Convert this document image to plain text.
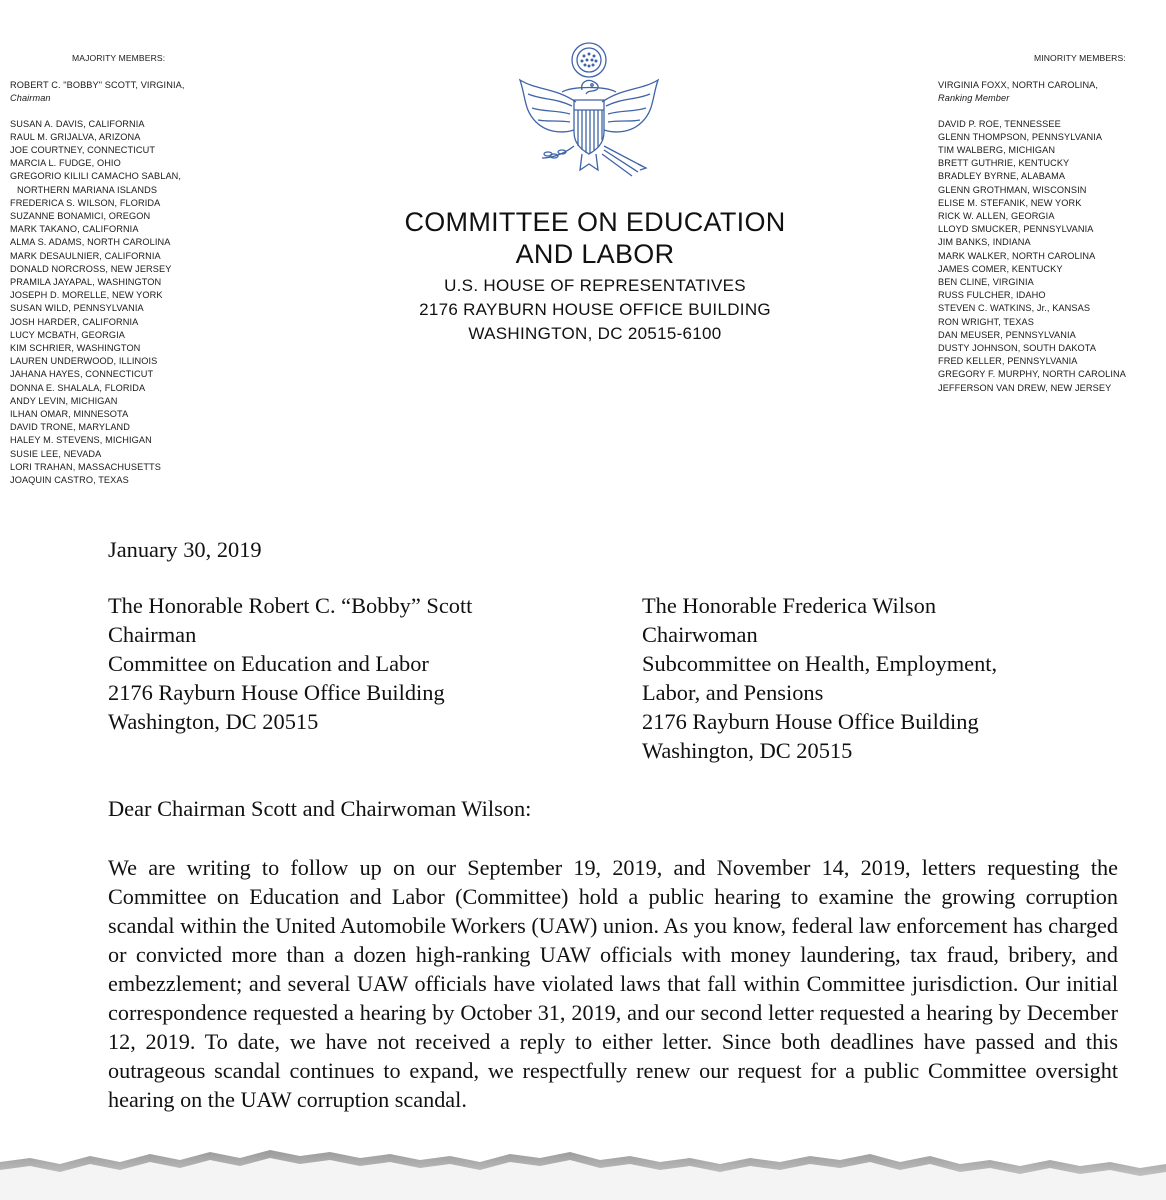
MAJORITY MEMBERS:
ROBERT C. "BOBBY" SCOTT, VIRGINIA,
Chairman
SUSAN A. DAVIS, CALIFORNIA
RAUL M. GRIJALVA, ARIZONA
JOE COURTNEY, CONNECTICUT
MARCIA L. FUDGE, OHIO
GREGORIO KILILI CAMACHO SABLAN,
NORTHERN MARIANA ISLANDS
FREDERICA S. WILSON, FLORIDA
SUZANNE BONAMICI, OREGON
MARK TAKANO, CALIFORNIA
ALMA S. ADAMS, NORTH CAROLINA
MARK DESAULNIER, CALIFORNIA
DONALD NORCROSS, NEW JERSEY
PRAMILA JAYAPAL, WASHINGTON
JOSEPH D. MORELLE, NEW YORK
SUSAN WILD, PENNSYLVANIA
JOSH HARDER, CALIFORNIA
LUCY MCBATH, GEORGIA
KIM SCHRIER, WASHINGTON
LAUREN UNDERWOOD, ILLINOIS
JAHANA HAYES, CONNECTICUT
DONNA E. SHALALA, FLORIDA
ANDY LEVIN, MICHIGAN
ILHAN OMAR, MINNESOTA
DAVID TRONE, MARYLAND
HALEY M. STEVENS, MICHIGAN
SUSIE LEE, NEVADA
LORI TRAHAN, MASSACHUSETTS
JOAQUIN CASTRO, TEXAS
MINORITY MEMBERS:
VIRGINIA FOXX, NORTH CAROLINA,
Ranking Member
DAVID P. ROE, TENNESSEE
GLENN THOMPSON, PENNSYLVANIA
TIM WALBERG, MICHIGAN
BRETT GUTHRIE, KENTUCKY
BRADLEY BYRNE, ALABAMA
GLENN GROTHMAN, WISCONSIN
ELISE M. STEFANIK, NEW YORK
RICK W. ALLEN, GEORGIA
LLOYD SMUCKER, PENNSYLVANIA
JIM BANKS, INDIANA
MARK WALKER, NORTH CAROLINA
JAMES COMER, KENTUCKY
BEN CLINE, VIRGINIA
RUSS FULCHER, IDAHO
STEVEN C. WATKINS, Jr., KANSAS
RON WRIGHT, TEXAS
DAN MEUSER, PENNSYLVANIA
DUSTY JOHNSON, SOUTH DAKOTA
FRED KELLER, PENNSYLVANIA
GREGORY F. MURPHY, NORTH CAROLINA
JEFFERSON VAN DREW, NEW JERSEY
COMMITTEE ON EDUCATION
AND LABOR
U.S. HOUSE OF REPRESENTATIVES
2176 RAYBURN HOUSE OFFICE BUILDING
WASHINGTON, DC 20515-6100
January 30, 2019
The Honorable Robert C. “Bobby” Scott
Chairman
Committee on Education and Labor
2176 Rayburn House Office Building
Washington, DC 20515
The Honorable Frederica Wilson
Chairwoman
Subcommittee on Health, Employment,
Labor, and Pensions
2176 Rayburn House Office Building
Washington, DC 20515
Dear Chairman Scott and Chairwoman Wilson:
We are writing to follow up on our September 19, 2019, and November 14, 2019, letters requesting the Committee on Education and Labor (Committee) hold a public hearing to examine the growing corruption scandal within the United Automobile Workers (UAW) union. As you know, federal law enforcement has charged or convicted more than a dozen high-ranking UAW officials with money laundering, tax fraud, bribery, and embezzlement; and several UAW officials have violated laws that fall within Committee jurisdiction. Our initial correspondence requested a hearing by October 31, 2019, and our second letter requested a hearing by December 12, 2019. To date, we have not received a reply to either letter. Since both deadlines have passed and this outrageous scandal continues to expand, we respectfully renew our request for a public Committee oversight hearing on the UAW corruption scandal.
